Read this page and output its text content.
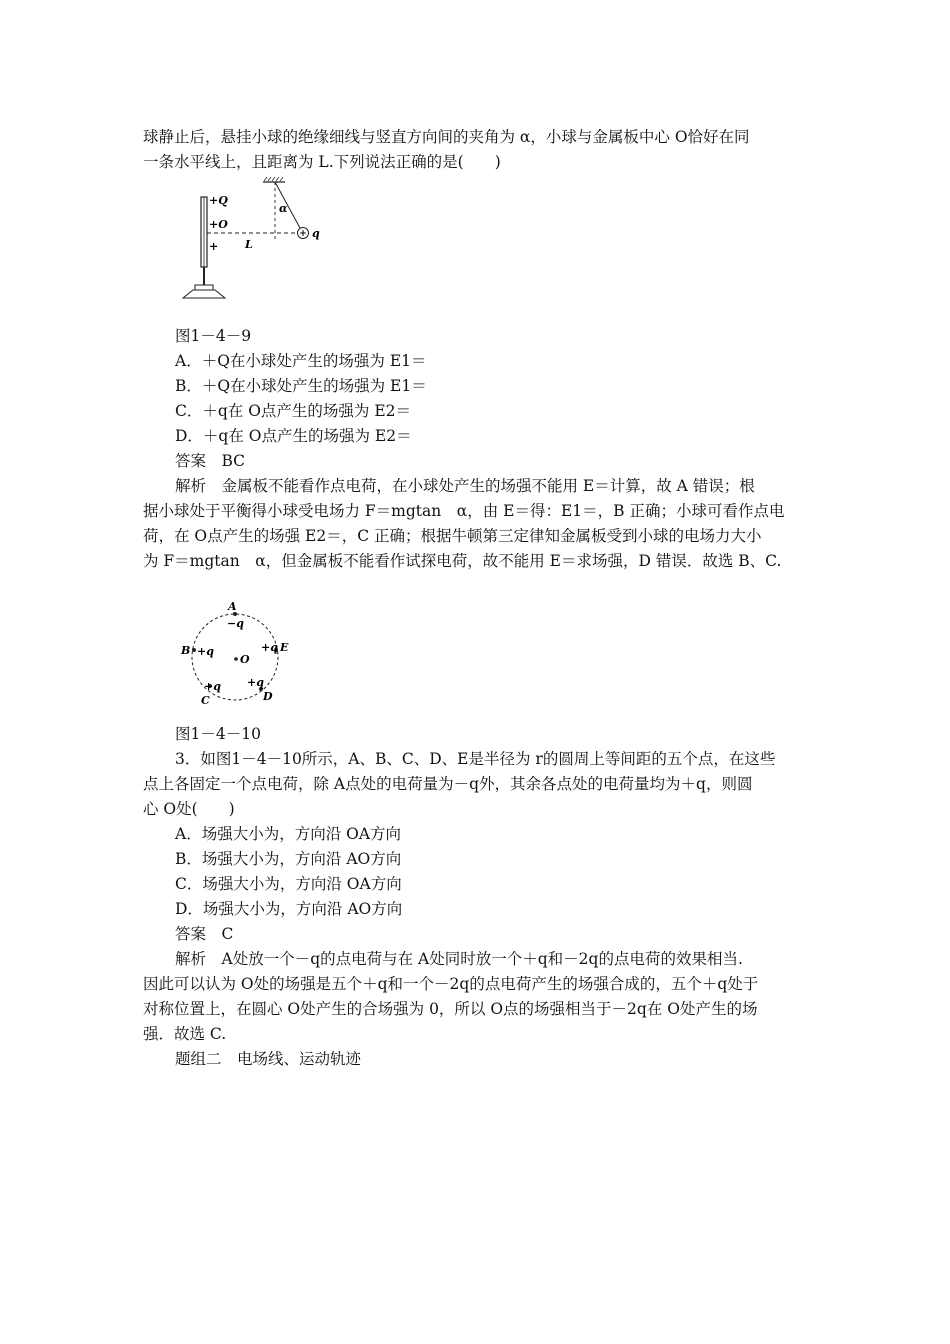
球静止后，悬挂小球的绝缘细线与竖直方向间的夹角为 α，小球与金属板中心 O恰好在同
一条水平线上，且距离为 L.下列说法正确的是(　　)
+
+Q
+O
+ L
α
q
图1－4－9
A．＋Q在小球处产生的场强为 E1＝
B．＋Q在小球处产生的场强为 E1＝
C．＋q在 O点产生的场强为 E2＝
D．＋q在 O点产生的场强为 E2＝
答案　BC
解析　金属板不能看作点电荷，在小球处产生的场强不能用 E＝计算，故 A 错误；根
据小球处于平衡得小球受电场力 F＝mgtan　α，由 E＝得：E1＝，B 正确；小球可看作点电
荷，在 O点产生的场强 E2＝，C 正确；根据牛顿第三定律知金属板受到小球的电场力大小
为 F＝mgtan　α，但金属板不能看作试探电荷，故不能用 E＝求场强，D 错误．故选 B、C.
A
−q
B +q	E
+q
O
+q
C
+q
D
图1－4－10
3．如图1－4－10所示，A、B、C、D、E是半径为 r的圆周上等间距的五个点，在这些
点上各固定一个点电荷，除 A点处的电荷量为－q外，其余各点处的电荷量均为＋q，则圆
心 O处(　　)
A．场强大小为，方向沿 OA方向
B．场强大小为，方向沿 AO方向
C．场强大小为，方向沿 OA方向
D．场强大小为，方向沿 AO方向
答案　C
解析　A处放一个－q的点电荷与在 A处同时放一个＋q和－2q的点电荷的效果相当.
因此可以认为 O处的场强是五个＋q和一个－2q的点电荷产生的场强合成的，五个＋q处于
对称位置上，在圆心 O处产生的合场强为 0，所以 O点的场强相当于－2q在 O处产生的场
强．故选 C.
题组二　电场线、运动轨迹
